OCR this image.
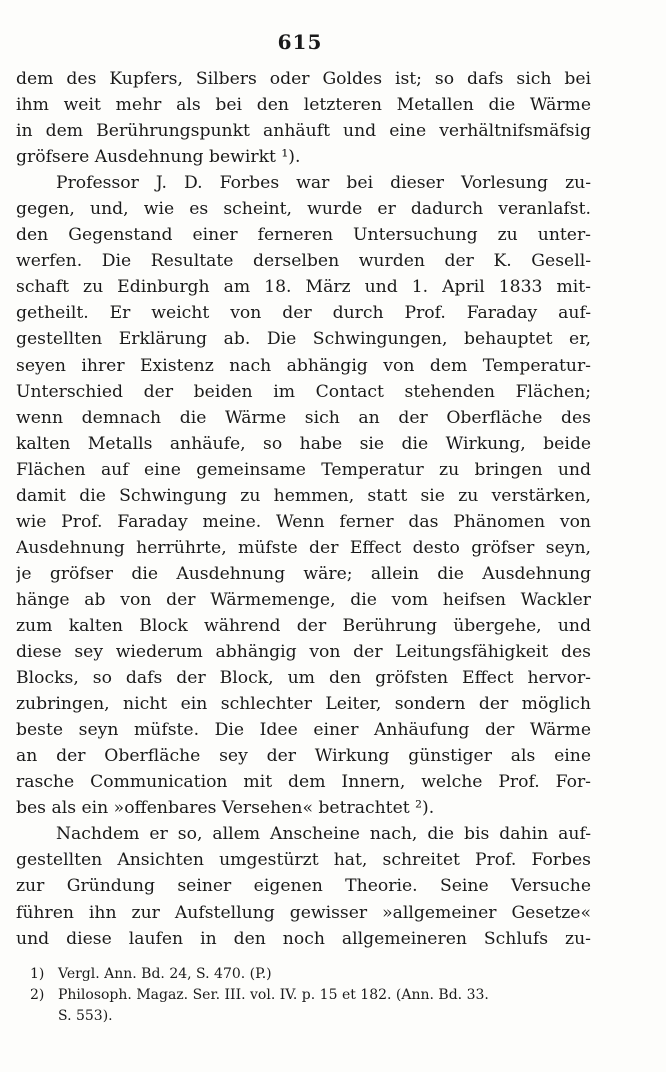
615
dem des Kupfers, Silbers oder Goldes ist; so dafs sich bei
ihm weit mehr als bei den letzteren Metallen die Wärme
in dem Berührungspunkt anhäuft und eine verhältnifsmäfsig
gröfsere Ausdehnung bewirkt ¹).
Professor J. D. Forbes war bei dieser Vorlesung zu-
gegen, und, wie es scheint, wurde er dadurch veranlafst.
den Gegenstand einer ferneren Untersuchung zu unter-
werfen. Die Resultate derselben wurden der K. Gesell-
schaft zu Edinburgh am 18. März und 1. April 1833 mit-
getheilt. Er weicht von der durch Prof. Faraday auf-
gestellten Erklärung ab. Die Schwingungen, behauptet er,
seyen ihrer Existenz nach abhängig von dem Temperatur-
Unterschied der beiden im Contact stehenden Flächen;
wenn demnach die Wärme sich an der Oberfläche des
kalten Metalls anhäufe, so habe sie die Wirkung, beide
Flächen auf eine gemeinsame Temperatur zu bringen und
damit die Schwingung zu hemmen, statt sie zu verstärken,
wie Prof. Faraday meine. Wenn ferner das Phänomen von
Ausdehnung herrührte, müfste der Effect desto gröfser seyn,
je gröfser die Ausdehnung wäre; allein die Ausdehnung
hänge ab von der Wärmemenge, die vom heifsen Wackler
zum kalten Block während der Berührung übergehe, und
diese sey wiederum abhängig von der Leitungsfähigkeit des
Blocks, so dafs der Block, um den gröfsten Effect hervor-
zubringen, nicht ein schlechter Leiter, sondern der möglich
beste seyn müfste. Die Idee einer Anhäufung der Wärme
an der Oberfläche sey der Wirkung günstiger als eine
rasche Communication mit dem Innern, welche Prof. For-
bes als ein »offenbares Versehen« betrachtet ²).
Nachdem er so, allem Anscheine nach, die bis dahin auf-
gestellten Ansichten umgestürzt hat, schreitet Prof. Forbes
zur Gründung seiner eigenen Theorie. Seine Versuche
führen ihn zur Aufstellung gewisser »allgemeiner Gesetze«
und diese laufen in den noch allgemeineren Schlufs zu-
1) Vergl. Ann. Bd. 24, S. 470. (P.)
2) Philosoph. Magaz. Ser. III. vol. IV. p. 15 et 182. (Ann. Bd. 33.
S. 553).
